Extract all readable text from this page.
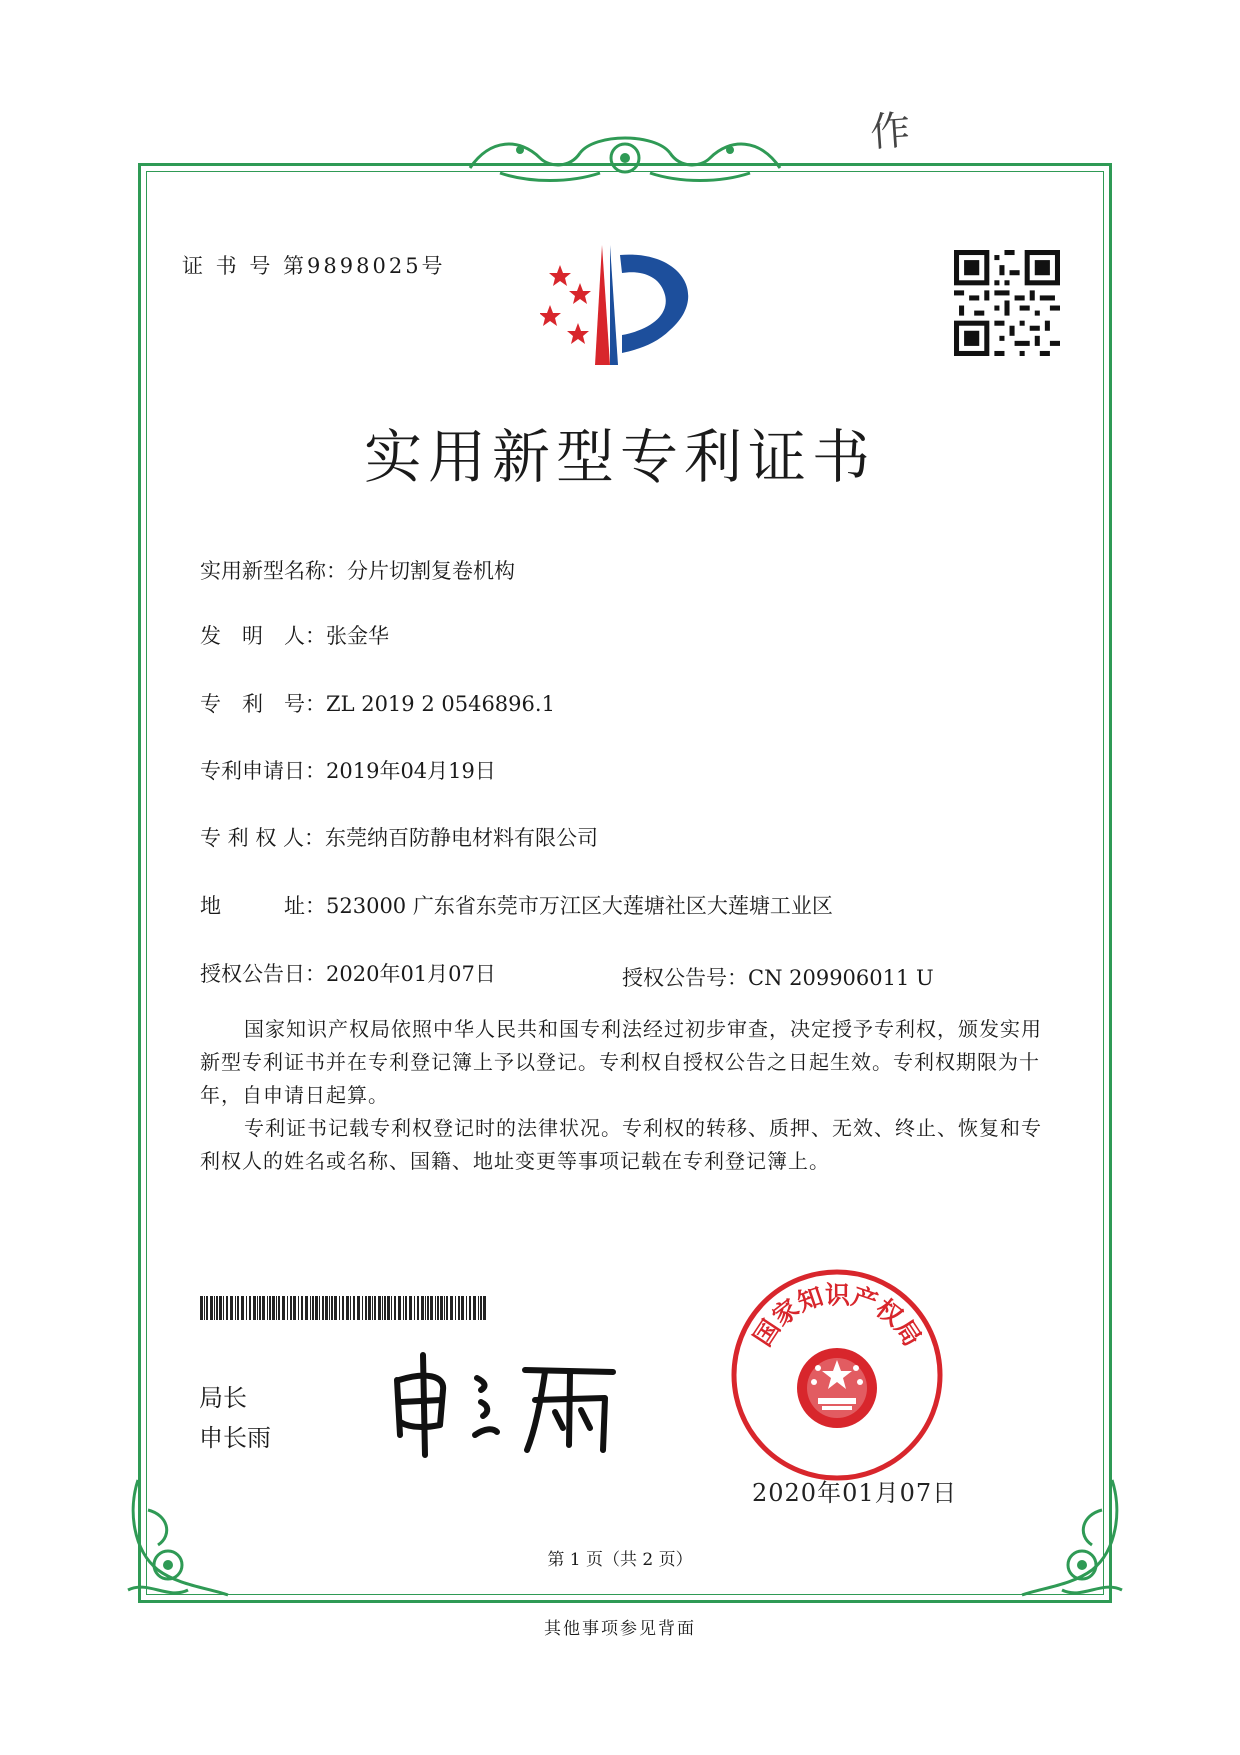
作
证 书 号 第9898025号
实用新型专利证书
实用新型名称：分片切割复卷机构
发　明　人：张金华
专　利　号：ZL 2019 2 0546896.1
专利申请日：2019年04月19日
专 利 权 人：东莞纳百防静电材料有限公司
地　　　址：523000 广东省东莞市万江区大莲塘社区大莲塘工业区
授权公告日：2020年01月07日	授权公告号：CN 209906011 U
国家知识产权局依照中华人民共和国专利法经过初步审查，决定授予专利权，颁发实用新型专利证书并在专利登记簿上予以登记。专利权自授权公告之日起生效。专利权期限为十年，自申请日起算。
专利证书记载专利权登记时的法律状况。专利权的转移、质押、无效、终止、恢复和专利权人的姓名或名称、国籍、地址变更等事项记载在专利登记簿上。
局长
申长雨
国家知识产权局
2020年01月07日
第 1 页（共 2 页）
其他事项参见背面
